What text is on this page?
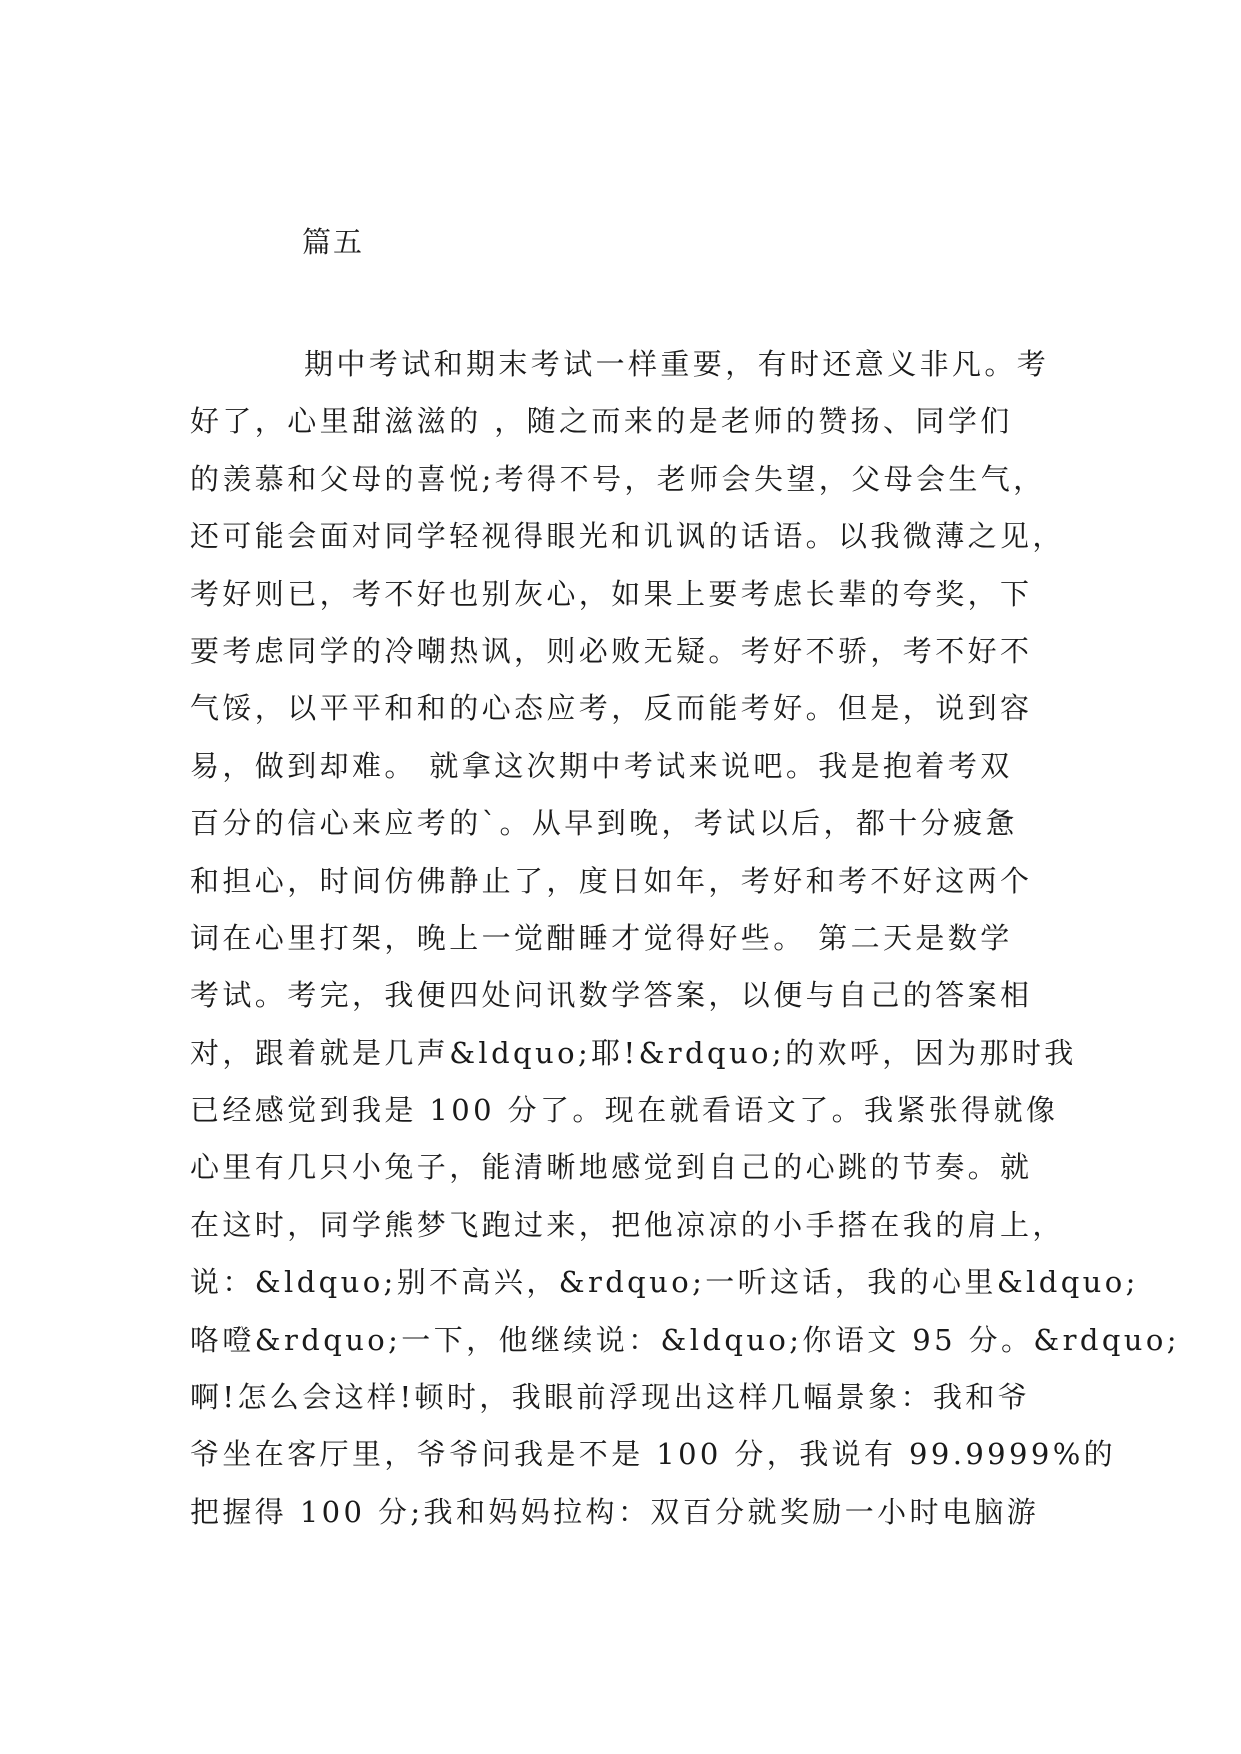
篇五
期中考试和期末考试一样重要，有时还意义非凡。考
好了，心里甜滋滋的 ，随之而来的是老师的赞扬、同学们
的羡慕和父母的喜悦;考得不号，老师会失望，父母会生气，
还可能会面对同学轻视得眼光和讥讽的话语。以我微薄之见，
考好则已，考不好也别灰心，如果上要考虑长辈的夸奖，下
要考虑同学的冷嘲热讽，则必败无疑。考好不骄，考不好不
气馁，以平平和和的心态应考，反而能考好。但是，说到容
易，做到却难。 就拿这次期中考试来说吧。我是抱着考双
百分的信心来应考的`。从早到晚，考试以后，都十分疲惫
和担心，时间仿佛静止了，度日如年，考好和考不好这两个
词在心里打架，晚上一觉酣睡才觉得好些。 第二天是数学
考试。考完，我便四处问讯数学答案，以便与自己的答案相
对，跟着就是几声&ldquo;耶!&rdquo;的欢呼，因为那时我
已经感觉到我是 100 分了。现在就看语文了。我紧张得就像
心里有几只小兔子，能清晰地感觉到自己的心跳的节奏。就
在这时，同学熊梦飞跑过来，把他凉凉的小手搭在我的肩上，
说：&ldquo;别不高兴，&rdquo;一听这话，我的心里&ldquo;
咯噔&rdquo;一下，他继续说：&ldquo;你语文 95 分。&rdquo;
啊!怎么会这样!顿时，我眼前浮现出这样几幅景象：我和爷
爷坐在客厅里，爷爷问我是不是 100 分，我说有 99.9999%的
把握得 100 分;我和妈妈拉构：双百分就奖励一小时电脑游
